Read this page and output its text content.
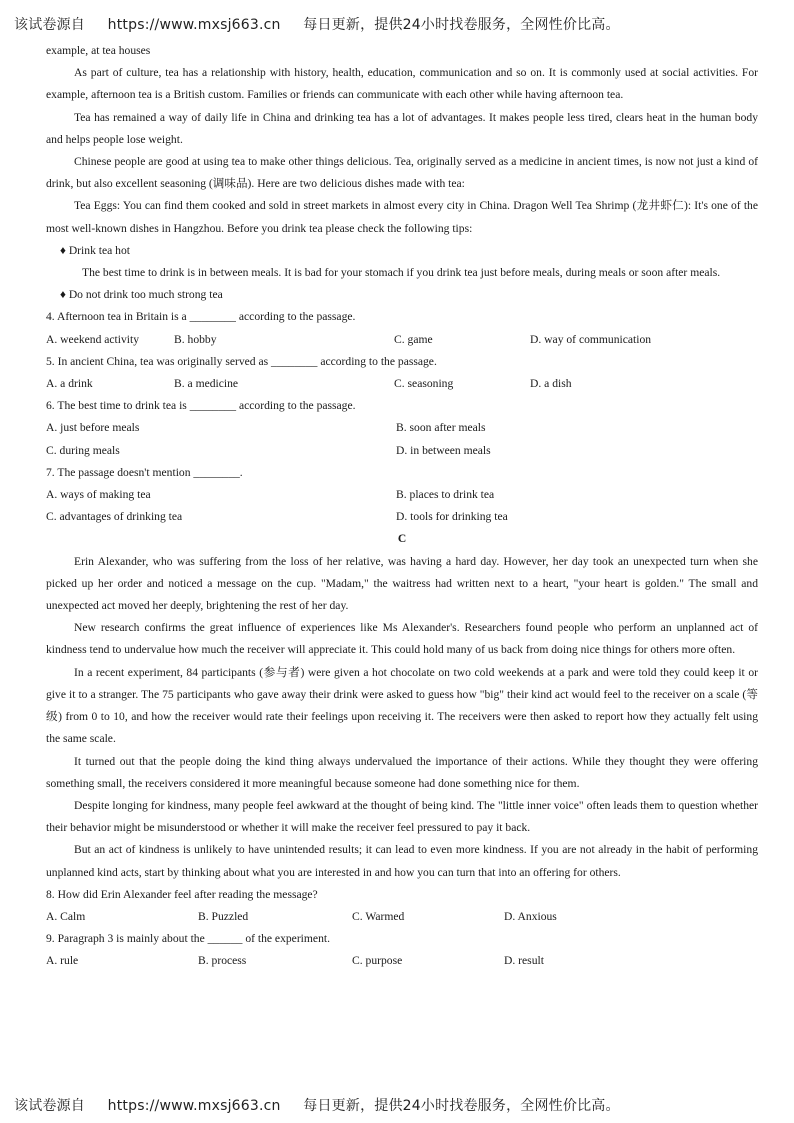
该试卷源自 https://www.mxsj663.cn 每日更新，提供24小时找卷服务，全网性价比高。

example, at tea houses

As part of culture, tea has a relationship with history, health, education, communication and so on. It is commonly used at social activities. For example, afternoon tea is a British custom. Families or friends can communicate with each other while having afternoon tea.

Tea has remained a way of daily life in China and drinking tea has a lot of advantages. It makes people less tired, clears heat in the human body and helps people lose weight.

Chinese people are good at using tea to make other things delicious. Tea, originally served as a medicine in ancient times, is now not just a kind of drink, but also excellent seasoning (调味品). Here are two delicious dishes made with tea:

Tea Eggs: You can find them cooked and sold in street markets in almost every city in China. Dragon Well Tea Shrimp (龙井虾仁): It's one of the most well-known dishes in Hangzhou. Before you drink tea please check the following tips:

♦ Drink tea hot

The best time to drink is in between meals. It is bad for your stomach if you drink tea just before meals, during meals or soon after meals.

♦ Do not drink too much strong tea

4. Afternoon tea in Britain is a ________ according to the passage.

A. weekend activity	B. hobby	C. game	D. way of communication

5. In ancient China, tea was originally served as ________ according to the passage.

A. a drink	B. a medicine	C. seasoning	D. a dish

6. The best time to drink tea is ________ according to the passage.

A. just before meals	B. soon after meals
C. during meals	D. in between meals

7. The passage doesn't mention ________.

A. ways of making tea	B. places to drink tea
C. advantages of drinking tea	D. tools for drinking tea

C

Erin Alexander, who was suffering from the loss of her relative, was having a hard day. However, her day took an unexpected turn when she picked up her order and noticed a message on the cup. "Madam," the waitress had written next to a heart, "your heart is golden." The small and unexpected act moved her deeply, brightening the rest of her day.

New research confirms the great influence of experiences like Ms Alexander's. Researchers found people who perform an unplanned act of kindness tend to undervalue how much the receiver will appreciate it. This could hold many of us back from doing nice things for others more often.

In a recent experiment, 84 participants (参与者) were given a hot chocolate on two cold weekends at a park and were told they could keep it or give it to a stranger. The 75 participants who gave away their drink were asked to guess how "big" their kind act would feel to the receiver on a scale (等级) from 0 to 10, and how the receiver would rate their feelings upon receiving it. The receivers were then asked to report how they actually felt using the same scale.

It turned out that the people doing the kind thing always undervalued the importance of their actions. While they thought they were offering something small, the receivers considered it more meaningful because someone had done something nice for them.

Despite longing for kindness, many people feel awkward at the thought of being kind. The "little inner voice" often leads them to question whether their behavior might be misunderstood or whether it will make the receiver feel pressured to pay it back.

But an act of kindness is unlikely to have unintended results; it can lead to even more kindness. If you are not already in the habit of performing unplanned kind acts, start by thinking about what you are interested in and how you can turn that into an offering for others.

8. How did Erin Alexander feel after reading the message?

A. Calm	B. Puzzled	C. Warmed	D. Anxious

9. Paragraph 3 is mainly about the ______ of the experiment.

A. rule	B. process	C. purpose	D. result
该试卷源自 https://www.mxsj663.cn 每日更新，提供24小时找卷服务，全网性价比高。
